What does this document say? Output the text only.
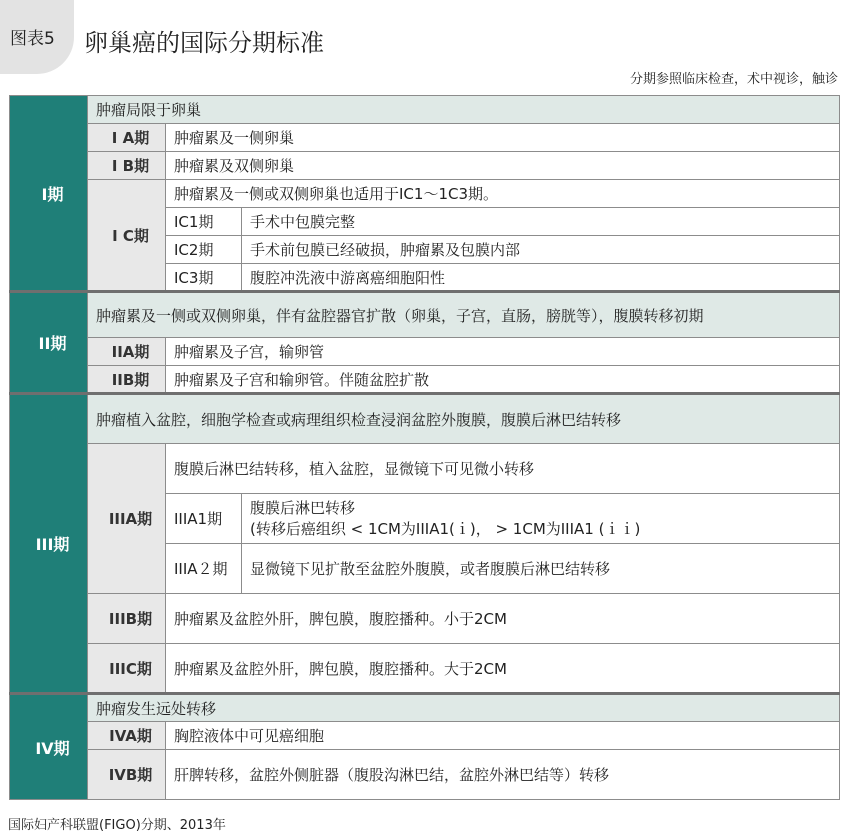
图表5 卵巢癌的国际分期标准
分期参照临床检查，术中视诊，触诊
I期	肿瘤局限于卵巢		
	I A期	肿瘤累及一侧卵巢	
	I B期	肿瘤累及双侧卵巢	
	I C期	肿瘤累及一侧或双侧卵巢也适用于IC1～1C3期。	
		IC1期	手术中包膜完整
		IC2期	手术前包膜已经破损，肿瘤累及包膜内部
		IC3期	腹腔冲洗液中游离癌细胞阳性
II期	肿瘤累及一侧或双侧卵巢，伴有盆腔器官扩散（卵巢，子宫，直肠，膀胱等），腹膜转移初期		
	IIA期	肿瘤累及子宫，输卵管	
	IIB期	肿瘤累及子宫和输卵管。伴随盆腔扩散	
III期	肿瘤植入盆腔，细胞学检查或病理组织检查浸润盆腔外腹膜，腹膜后淋巴结转移		
	IIIA期	腹膜后淋巴结转移，植入盆腔，显微镜下可见微小转移	
		IIIA1期	腹膜后淋巴转移
(转移后癌组织 < 1CM为IIIA1(ｉ)， > 1CM为IIIA1 (ｉｉ)

		IIIA２期	显微镜下见扩散至盆腔外腹膜，或者腹膜后淋巴结转移
	IIIB期	肿瘤累及盆腔外肝，脾包膜，腹腔播种。小于2CM	
	IIIC期	肿瘤累及盆腔外肝，脾包膜，腹腔播种。大于2CM	
IV期	肿瘤发生远处转移		
	IVA期	胸腔液体中可见癌细胞	
	IVB期	肝脾转移，盆腔外侧脏器（腹股沟淋巴结，盆腔外淋巴结等）转移	
国际妇产科联盟(FIGO)分期、2013年
